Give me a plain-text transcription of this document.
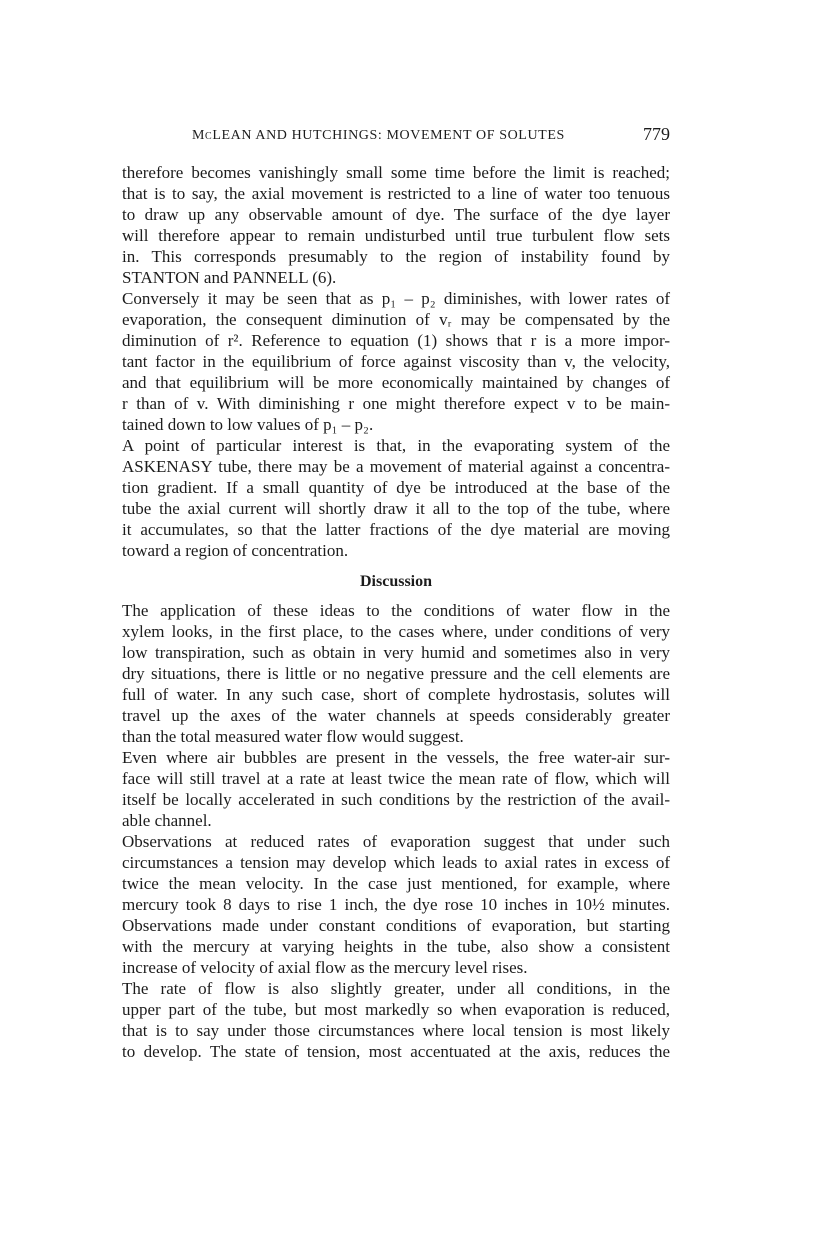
McLEAN AND HUTCHINGS: MOVEMENT OF SOLUTES	779

therefore becomes vanishingly small some time before the limit is reached;
that is to say, the axial movement is restricted to a line of water too tenuous
to draw up any observable amount of dye. The surface of the dye layer
will therefore appear to remain undisturbed until true turbulent flow sets
in. This corresponds presumably to the region of instability found by
STANTON and PANNELL (6).

Conversely it may be seen that as p₁ – p₂ diminishes, with lower rates of
evaporation, the consequent diminution of vᵣ may be compensated by the
diminution of r². Reference to equation (1) shows that r is a more impor-
tant factor in the equilibrium of force against viscosity than v, the velocity,
and that equilibrium will be more economically maintained by changes of
r than of v. With diminishing r one might therefore expect v to be main-
tained down to low values of p₁ – p₂.

A point of particular interest is that, in the evaporating system of the
ASKENASY tube, there may be a movement of material against a concentra-
tion gradient. If a small quantity of dye be introduced at the base of the
tube the axial current will shortly draw it all to the top of the tube, where
it accumulates, so that the latter fractions of the dye material are moving
toward a region of concentration.

Discussion

The application of these ideas to the conditions of water flow in the
xylem looks, in the first place, to the cases where, under conditions of very
low transpiration, such as obtain in very humid and sometimes also in very
dry situations, there is little or no negative pressure and the cell elements are
full of water. In any such case, short of complete hydrostasis, solutes will
travel up the axes of the water channels at speeds considerably greater
than the total measured water flow would suggest.

Even where air bubbles are present in the vessels, the free water-air sur-
face will still travel at a rate at least twice the mean rate of flow, which will
itself be locally accelerated in such conditions by the restriction of the avail-
able channel.

Observations at reduced rates of evaporation suggest that under such
circumstances a tension may develop which leads to axial rates in excess of
twice the mean velocity. In the case just mentioned, for example, where
mercury took 8 days to rise 1 inch, the dye rose 10 inches in 10½ minutes.
Observations made under constant conditions of evaporation, but starting
with the mercury at varying heights in the tube, also show a consistent
increase of velocity of axial flow as the mercury level rises.

The rate of flow is also slightly greater, under all conditions, in the
upper part of the tube, but most markedly so when evaporation is reduced,
that is to say under those circumstances where local tension is most likely
to develop. The state of tension, most accentuated at the axis, reduces the
